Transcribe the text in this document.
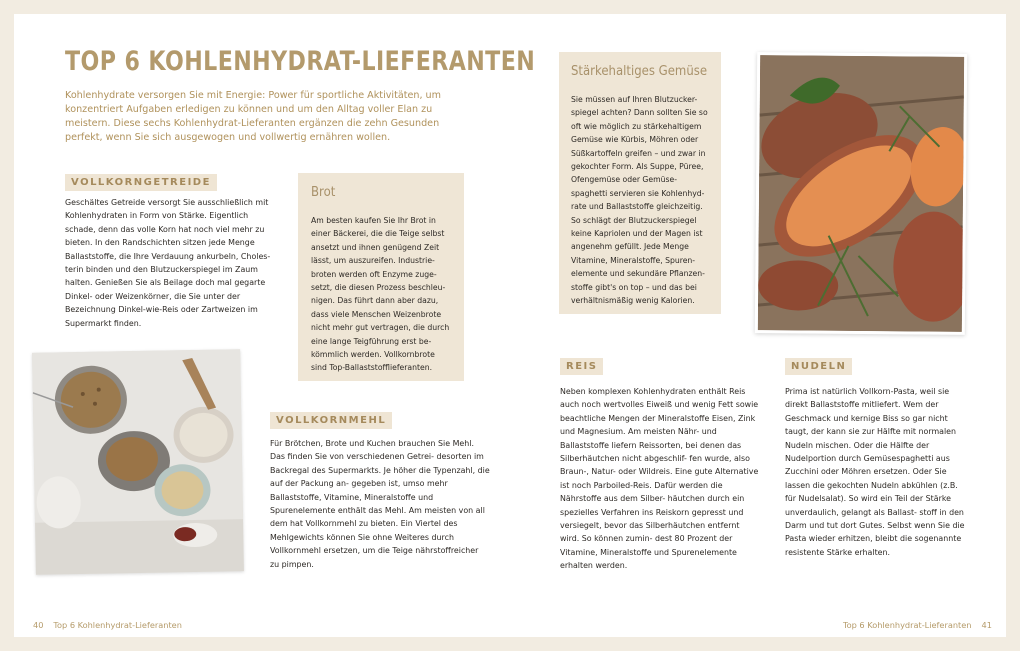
TOP 6 KOHLENHYDRAT-LIEFERANTEN

Kohlenhydrate versorgen Sie mit Energie: Power für sportliche Aktivitäten, um konzentriert Aufgaben erledigen zu können und um den Alltag voller Elan zu meistern. Diese sechs Kohlenhydrat-Lieferanten ergänzen die zehn Gesunden perfekt, wenn Sie sich ausgewogen und vollwertig ernähren wollen.

VOLLKORNGETREIDE

Geschältes Getreide versorgt Sie ausschließlich mit Kohlenhydraten in Form von Stärke. Eigentlich schade, denn das volle Korn hat noch viel mehr zu bieten. In den Randschichten sitzen jede Menge Ballaststoffe, die Ihre Verdauung ankurbeln, Choles- terin binden und den Blutzuckerspiegel im Zaum halten. Genießen Sie als Beilage doch mal gegarte Dinkel- oder Weizenkörner, die Sie unter der Bezeichnung Dinkel-wie-Reis oder Zartweizen im Supermarkt finden.

Brot

Am besten kaufen Sie Ihr Brot in einer Bäckerei, die die Teige selbst ansetzt und ihnen genügend Zeit lässt, um auszureifen. Industrie- broten werden oft Enzyme zuge- setzt, die diesen Prozess beschleu- nigen. Das führt dann aber dazu, dass viele Menschen Weizenbrote nicht mehr gut vertragen, die durch eine lange Teigführung erst be- kömmlich werden. Vollkornbrote sind Top-Ballaststofflieferanten.

VOLLKORNMEHL

Für Brötchen, Brote und Kuchen brauchen Sie Mehl. Das finden Sie von verschiedenen Getrei- desorten im Backregal des Supermarkts. Je höher die Typenzahl, die auf der Packung an- gegeben ist, umso mehr Ballaststoffe, Vitamine, Mineralstoffe und Spurenelemente enthält das Mehl. Am meisten von all dem hat Vollkornmehl zu bieten. Ein Viertel des Mehlgewichts können Sie ohne Weiteres durch Vollkornmehl ersetzen, um die Teige nährstoffreicher zu pimpen.

Stärkehaltiges Gemüse

Sie müssen auf Ihren Blutzucker- spiegel achten? Dann sollten Sie so oft wie möglich zu stärkehaltigem Gemüse wie Kürbis, Möhren oder Süßkartoffeln greifen – und zwar in gekochter Form. Als Suppe, Püree, Ofengemüse oder Gemüse- spaghetti servieren sie Kohlenhyd- rate und Ballaststoffe gleichzeitig. So schlägt der Blutzuckerspiegel keine Kapriolen und der Magen ist angenehm gefüllt. Jede Menge Vitamine, Mineralstoffe, Spuren- elemente und sekundäre Pflanzen- stoffe gibt's on top – und das bei verhältnismäßig wenig Kalorien.

REIS

Neben komplexen Kohlenhydraten enthält Reis auch noch wertvolles Eiweiß und wenig Fett sowie beachtliche Mengen der Mineralstoffe Eisen, Zink und Magnesium. Am meisten Nähr- und Ballaststoffe liefern Reissorten, bei denen das Silberhäutchen nicht abgeschlif- fen wurde, also Braun-, Natur- oder Wildreis. Eine gute Alternative ist noch Parboiled-Reis. Dafür werden die Nährstoffe aus dem Silber- häutchen durch ein spezielles Verfahren ins Reiskorn gepresst und versiegelt, bevor das Silberhäutchen entfernt wird. So können zumin- dest 80 Prozent der Vitamine, Mineralstoffe und Spurenelemente erhalten werden.

NUDELN

Prima ist natürlich Vollkorn-Pasta, weil sie direkt Ballaststoffe mitliefert. Wem der Geschmack und kernige Biss so gar nicht taugt, der kann sie zur Hälfte mit normalen Nudeln mischen. Oder die Hälfte der Nudelportion durch Gemüsespaghetti aus Zucchini oder Möhren ersetzen. Oder Sie lassen die gekochten Nudeln abkühlen (z.B. für Nudelsalat). So wird ein Teil der Stärke unverdaulich, gelangt als Ballast- stoff in den Darm und tut dort Gutes. Selbst wenn Sie die Pasta wieder erhitzen, bleibt die sogenannte resistente Stärke erhalten.

40 Top 6 Kohlenhydrat-Lieferanten	Top 6 Kohlenhydrat-Lieferanten 41
